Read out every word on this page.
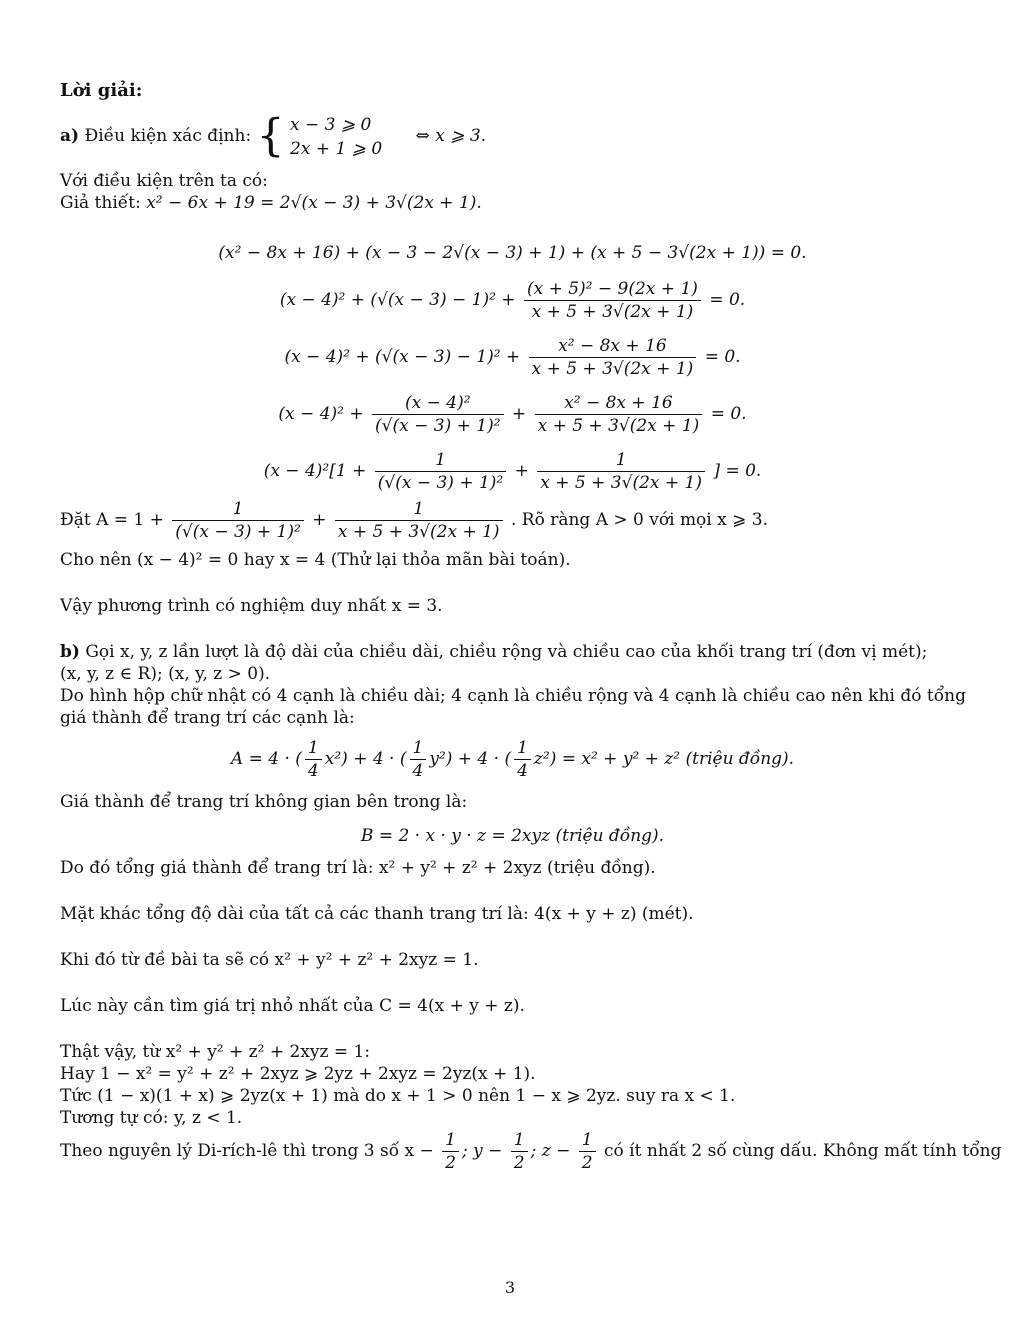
Lời giải:

a) Điều kiện xác định: { x − 3 ⩾ 0
2x + 1 ⩾ 0
⇔ x ⩾ 3.

Với điều kiện trên ta có:

Giả thiết: x² − 6x + 19 = 2√(x − 3) + 3√(2x + 1).

(x² − 8x + 16) + (x − 3 − 2√(x − 3) + 1) + (x + 5 − 3√(2x + 1)) = 0.
$(x - 4)^2 + (√(x - 3) - 1)^2 + \frac{\text{(x + 5)² − 9(2x + 1)}}{x + 5 + 3√(2x + 1)} = 0$.
$(x - 4)^2 + (√(x - 3) - 1)^2 + \frac{\text{x² − 8x + 16}}{x + 5 + 3√(2x + 1)} = 0$.
$(x - 4)^2 + \frac{\text{(x − 4)²}}{\text{(√(x − 3) + 1)²}} + \frac{\text{x² − 8x + 16}}{x + 5 + 3√(2x + 1)} = 0$.
$(x - 4)^2[1 + \frac{1}{\text{(√(x − 3) + 1)²}} + \frac{1}{x + 5 + 3√(2x + 1)}$ ] = 0.
Đặt $A = 1 + \frac{1}{\text{(√(x − 3) + 1)²}} + \frac{1}{x + 5 + 3√(2x + 1)}$ . Rõ ràng A > 0 với mọi x ⩾ 3.

Cho nên (x − 4)² = 0 hay x = 4 (Thử lại thỏa mãn bài toán).

Vậy phương trình có nghiệm duy nhất x = 3.

b) Gọi x, y, z lần lượt là độ dài của chiều dài, chiều rộng và chiều cao của khối trang trí (đơn vị mét);

(x, y, z ∈ R); (x, y, z > 0).

Do hình hộp chữ nhật có 4 cạnh là chiều dài; 4 cạnh là chiều rộng và 4 cạnh là chiều cao nên khi đó tổng

giá thành để trang trí các cạnh là:

A = 4 · ( $\frac{1}{4} x^2) + 4$ · ( $\frac{1}{4} y^2) + 4$ · ( $\frac{1}{4} z^2) = x^2 + y^2 + z^2$ (triệu đồng).

Giá thành để trang trí không gian bên trong là:

B = 2 · x · y · z = 2xyz (triệu đồng).

Do đó tổng giá thành để trang trí là: x² + y² + z² + 2xyz (triệu đồng).

Mặt khác tổng độ dài của tất cả các thanh trang trí là: 4(x + y + z) (mét).

Khi đó từ đề bài ta sẽ có x² + y² + z² + 2xyz = 1.

Lúc này cần tìm giá trị nhỏ nhất của C = 4(x + y + z).

Thật vậy, từ x² + y² + z² + 2xyz = 1:

Hay 1 − x² = y² + z² + 2xyz ⩾ 2yz + 2xyz = 2yz(x + 1).

Tức (1 − x)(1 + x) ⩾ 2yz(x + 1) mà do x + 1 > 0 nên 1 − x ⩾ 2yz. suy ra x < 1.

Tương tự có: y, z < 1.

Theo nguyên lý Di-rích-lê thì trong 3 số $x - \frac{1}{2}$ ; $y - \frac{1}{2}$ ; $z - \frac{1}{2}$ có ít nhất 2 số cùng dấu. Không mất tính tổng
3
